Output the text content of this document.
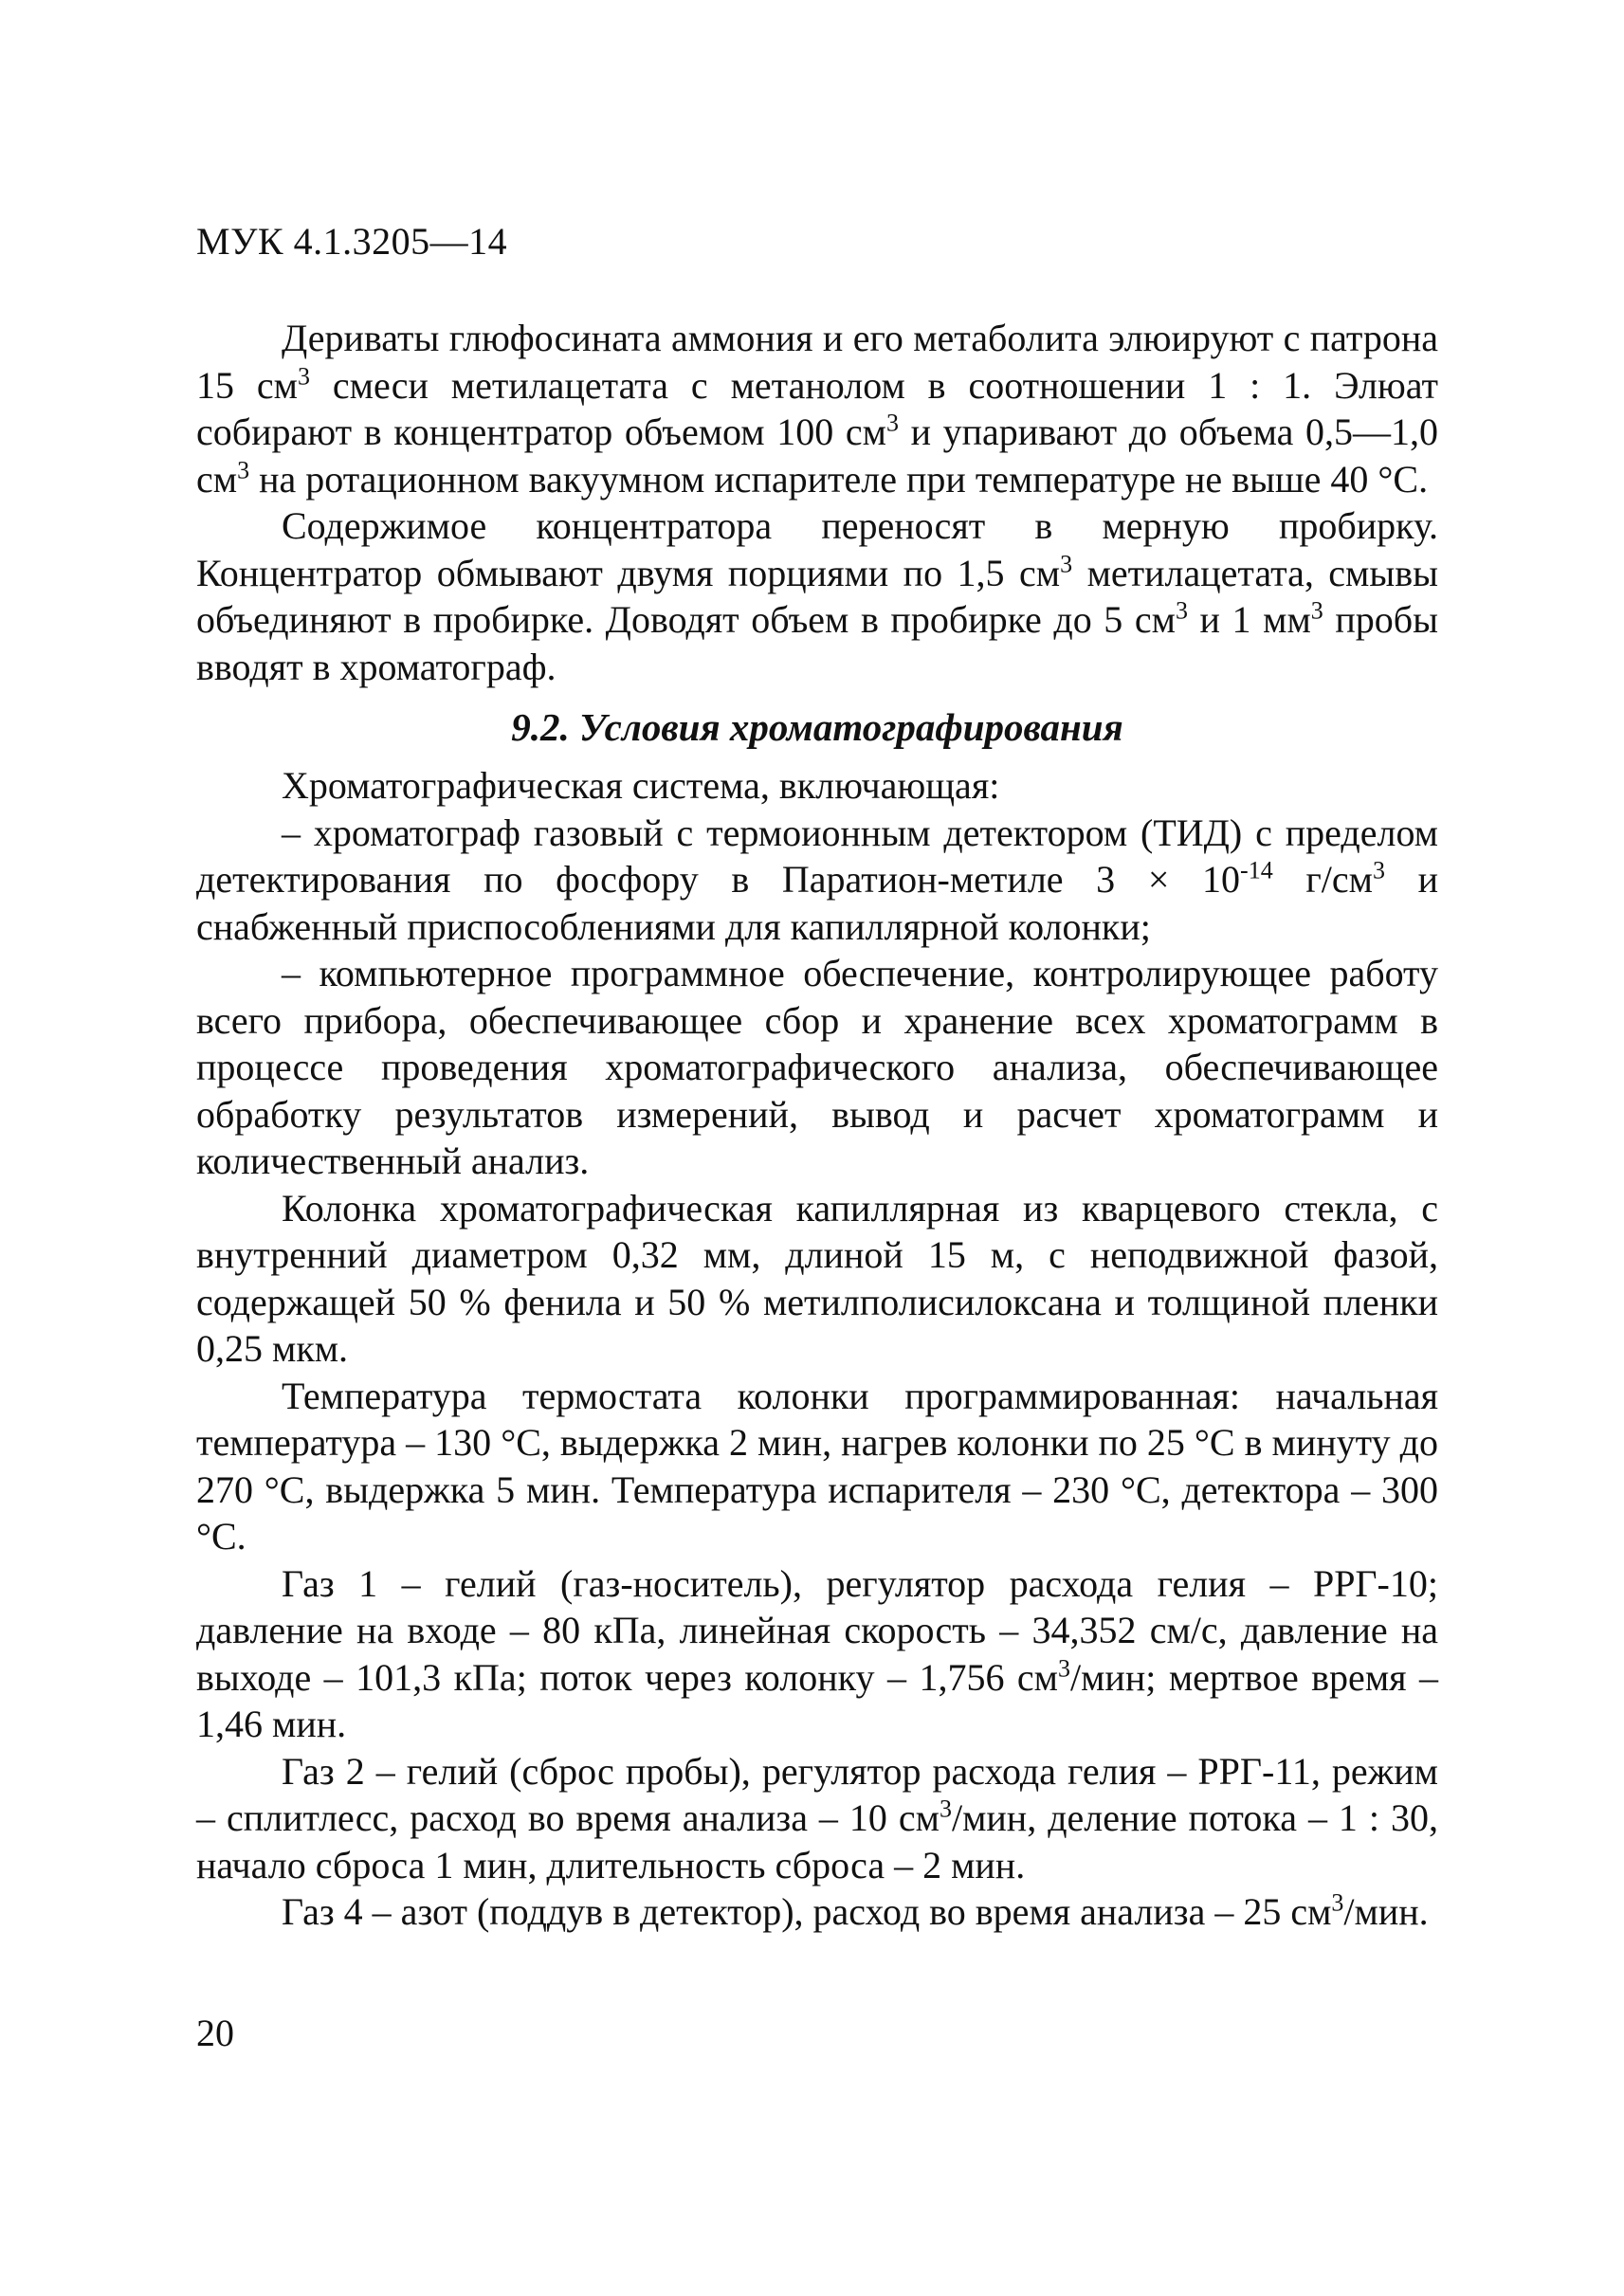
МУК 4.1.3205—14

Дериваты глюфосината аммония и его метаболита элюируют с патрона 15 $см^3$ смеси метилацетата с метанолом в соотношении 1 : 1. Элюат собирают в концентратор объемом 100 $см^3$ и упаривают до объема 0,5—1,0 $см^3$ на ротационном вакуумном испарителе при температуре не выше 40 °С.

Содержимое концентратора переносят в мерную пробирку. Концентратор обмывают двумя порциями по 1,5 $см^3$ метилацетата, смывы объединяют в пробирке. Доводят объем в пробирке до 5 $см^3$ и 1 $мм^3$ пробы вводят в хроматограф.

9.2. Условия хроматографирования

Хроматографическая система, включающая:

– хроматограф газовый с термоионным детектором (ТИД) с пределом детектирования по фосфору в Паратион-метиле $3 \times 10^{-14}$ $г/см^3$ и снабженный приспособлениями для капиллярной колонки;

– компьютерное программное обеспечение, контролирующее работу всего прибора, обеспечивающее сбор и хранение всех хроматограмм в процессе проведения хроматографического анализа, обеспечивающее обработку результатов измерений, вывод и расчет хроматограмм и количественный анализ.

Колонка хроматографическая капиллярная из кварцевого стекла, с внутренний диаметром 0,32 мм, длиной 15 м, с неподвижной фазой, содержащей 50 % фенила и 50 % метилполисилоксана и толщиной пленки 0,25 мкм.

Температура термостата колонки программированная: начальная температура – 130 °С, выдержка 2 мин, нагрев колонки по 25 °С в минуту до 270 °С, выдержка 5 мин. Температура испарителя – 230 °С, детектора – 300 °С.

Газ 1 – гелий (газ-носитель), регулятор расхода гелия – РРГ-10; давление на входе – 80 кПа, линейная скорость – 34,352 см/с, давление на выходе – 101,3 кПа; поток через колонку – 1,756 $см^3$/мин; мертвое время – 1,46 мин.

Газ 2 – гелий (сброс пробы), регулятор расхода гелия – РРГ-11, режим – сплитлесс, расход во время анализа – 10 $см^3$/мин, деление потока – 1 : 30, начало сброса 1 мин, длительность сброса – 2 мин.

Газ 4 – азот (поддув в детектор), расход во время анализа – 25 $см^3$/мин.

20
